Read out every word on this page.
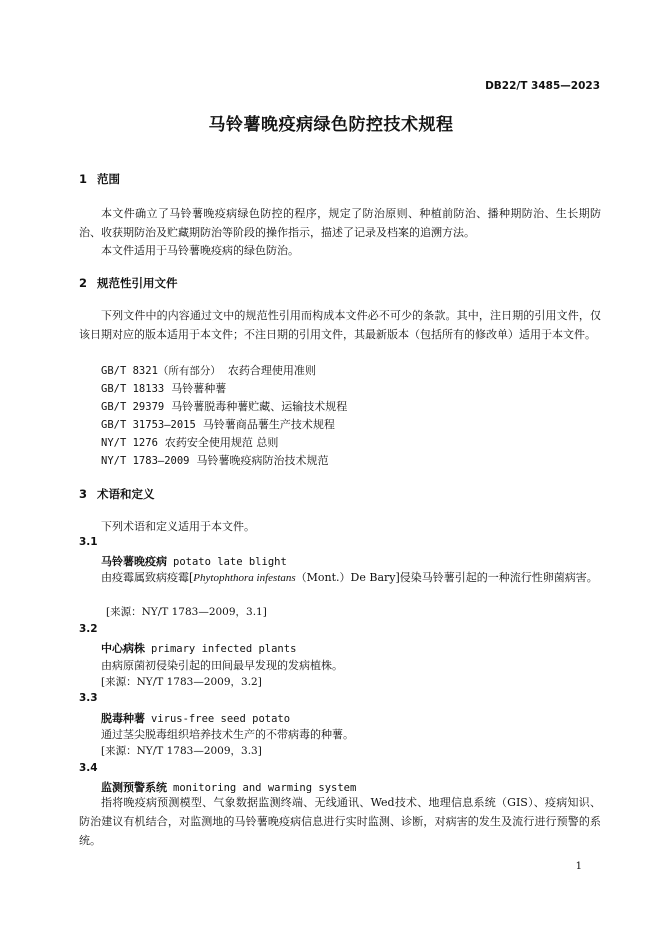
DB22/T 3485—2023
马铃薯晚疫病绿色防控技术规程
1 范围
本文件确立了马铃薯晚疫病绿色防控的程序，规定了防治原则、种植前防治、播种期防治、生长期防治、收获期防治及贮藏期防治等阶段的操作指示，描述了记录及档案的追溯方法。
本文件适用于马铃薯晚疫病的绿色防治。
2 规范性引用文件
下列文件中的内容通过文中的规范性引用而构成本文件必不可少的条款。其中，注日期的引用文件，仅该日期对应的版本适用于本文件；不注日期的引用文件，其最新版本（包括所有的修改单）适用于本文件。
GB/T 8321（所有部分） 农药合理使用准则
GB/T 18133 马铃薯种薯
GB/T 29379 马铃薯脱毒种薯贮藏、运输技术规程
GB/T 31753—2015 马铃薯商品薯生产技术规程
NY/T 1276 农药安全使用规范 总则
NY/T 1783—2009 马铃薯晚疫病防治技术规范
3 术语和定义
下列术语和定义适用于本文件。
3.1
马铃薯晚疫病 potato late blight
由疫霉属致病疫霉[Phytophthora infestans（Mont.）De Bary]侵染马铃薯引起的一种流行性卵菌病害。
[来源：NY/T 1783—2009，3.1]
3.2
中心病株 primary infected plants
由病原菌初侵染引起的田间最早发现的发病植株。
[来源：NY/T 1783—2009，3.2]
3.3
脱毒种薯 virus-free seed potato
通过茎尖脱毒组织培养技术生产的不带病毒的种薯。
[来源：NY/T 1783—2009，3.3]
3.4
监测预警系统 monitoring and warming system
指将晚疫病预测模型、气象数据监测终端、无线通讯、Wed技术、地理信息系统（GIS）、疫病知识、防治建议有机结合，对监测地的马铃薯晚疫病信息进行实时监测、诊断，对病害的发生及流行进行预警的系统。
1
